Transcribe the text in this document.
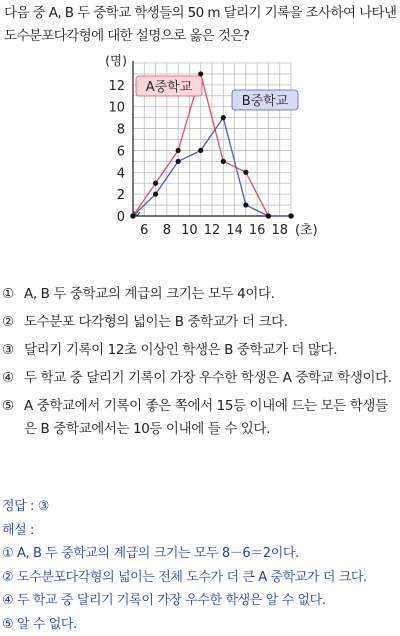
다음 중 A, B 두 중학교 학생들의 50 m 달리기 기록을 조사하여 나타낸 도수분포다각형에 대한 설명으로 옳은 것은?
0
2
4
6
8
10
12
6 8 10 12 14 16 18
(명)
(초)
A중학교
B중학교
① A, B 두 중학교의 계급의 크기는 모두 4이다.
② 도수분포 다각형의 넓이는 B 중학교가 더 크다.
③ 달리기 기록이 12초 이상인 학생은 B 중학교가 더 많다.
④ 두 학교 중 달리기 기록이 가장 우수한 학생은 A 중학교 학생이다.
⑤ A 중학교에서 기록이 좋은 쪽에서 15등 이내에 드는 모든 학생들은 B 중학교에서는 10등 이내에 들 수 있다.
정답 : ③
해설 :
① A, B 두 중학교의 계급의 크기는 모두 8－6＝2이다.
② 도수분포다각형의 넓이는 전체 도수가 더 큰 A 중학교가 더 크다.
④ 두 학교 중 달리기 기록이 가장 우수한 학생은 알 수 없다.
⑤ 알 수 없다.
